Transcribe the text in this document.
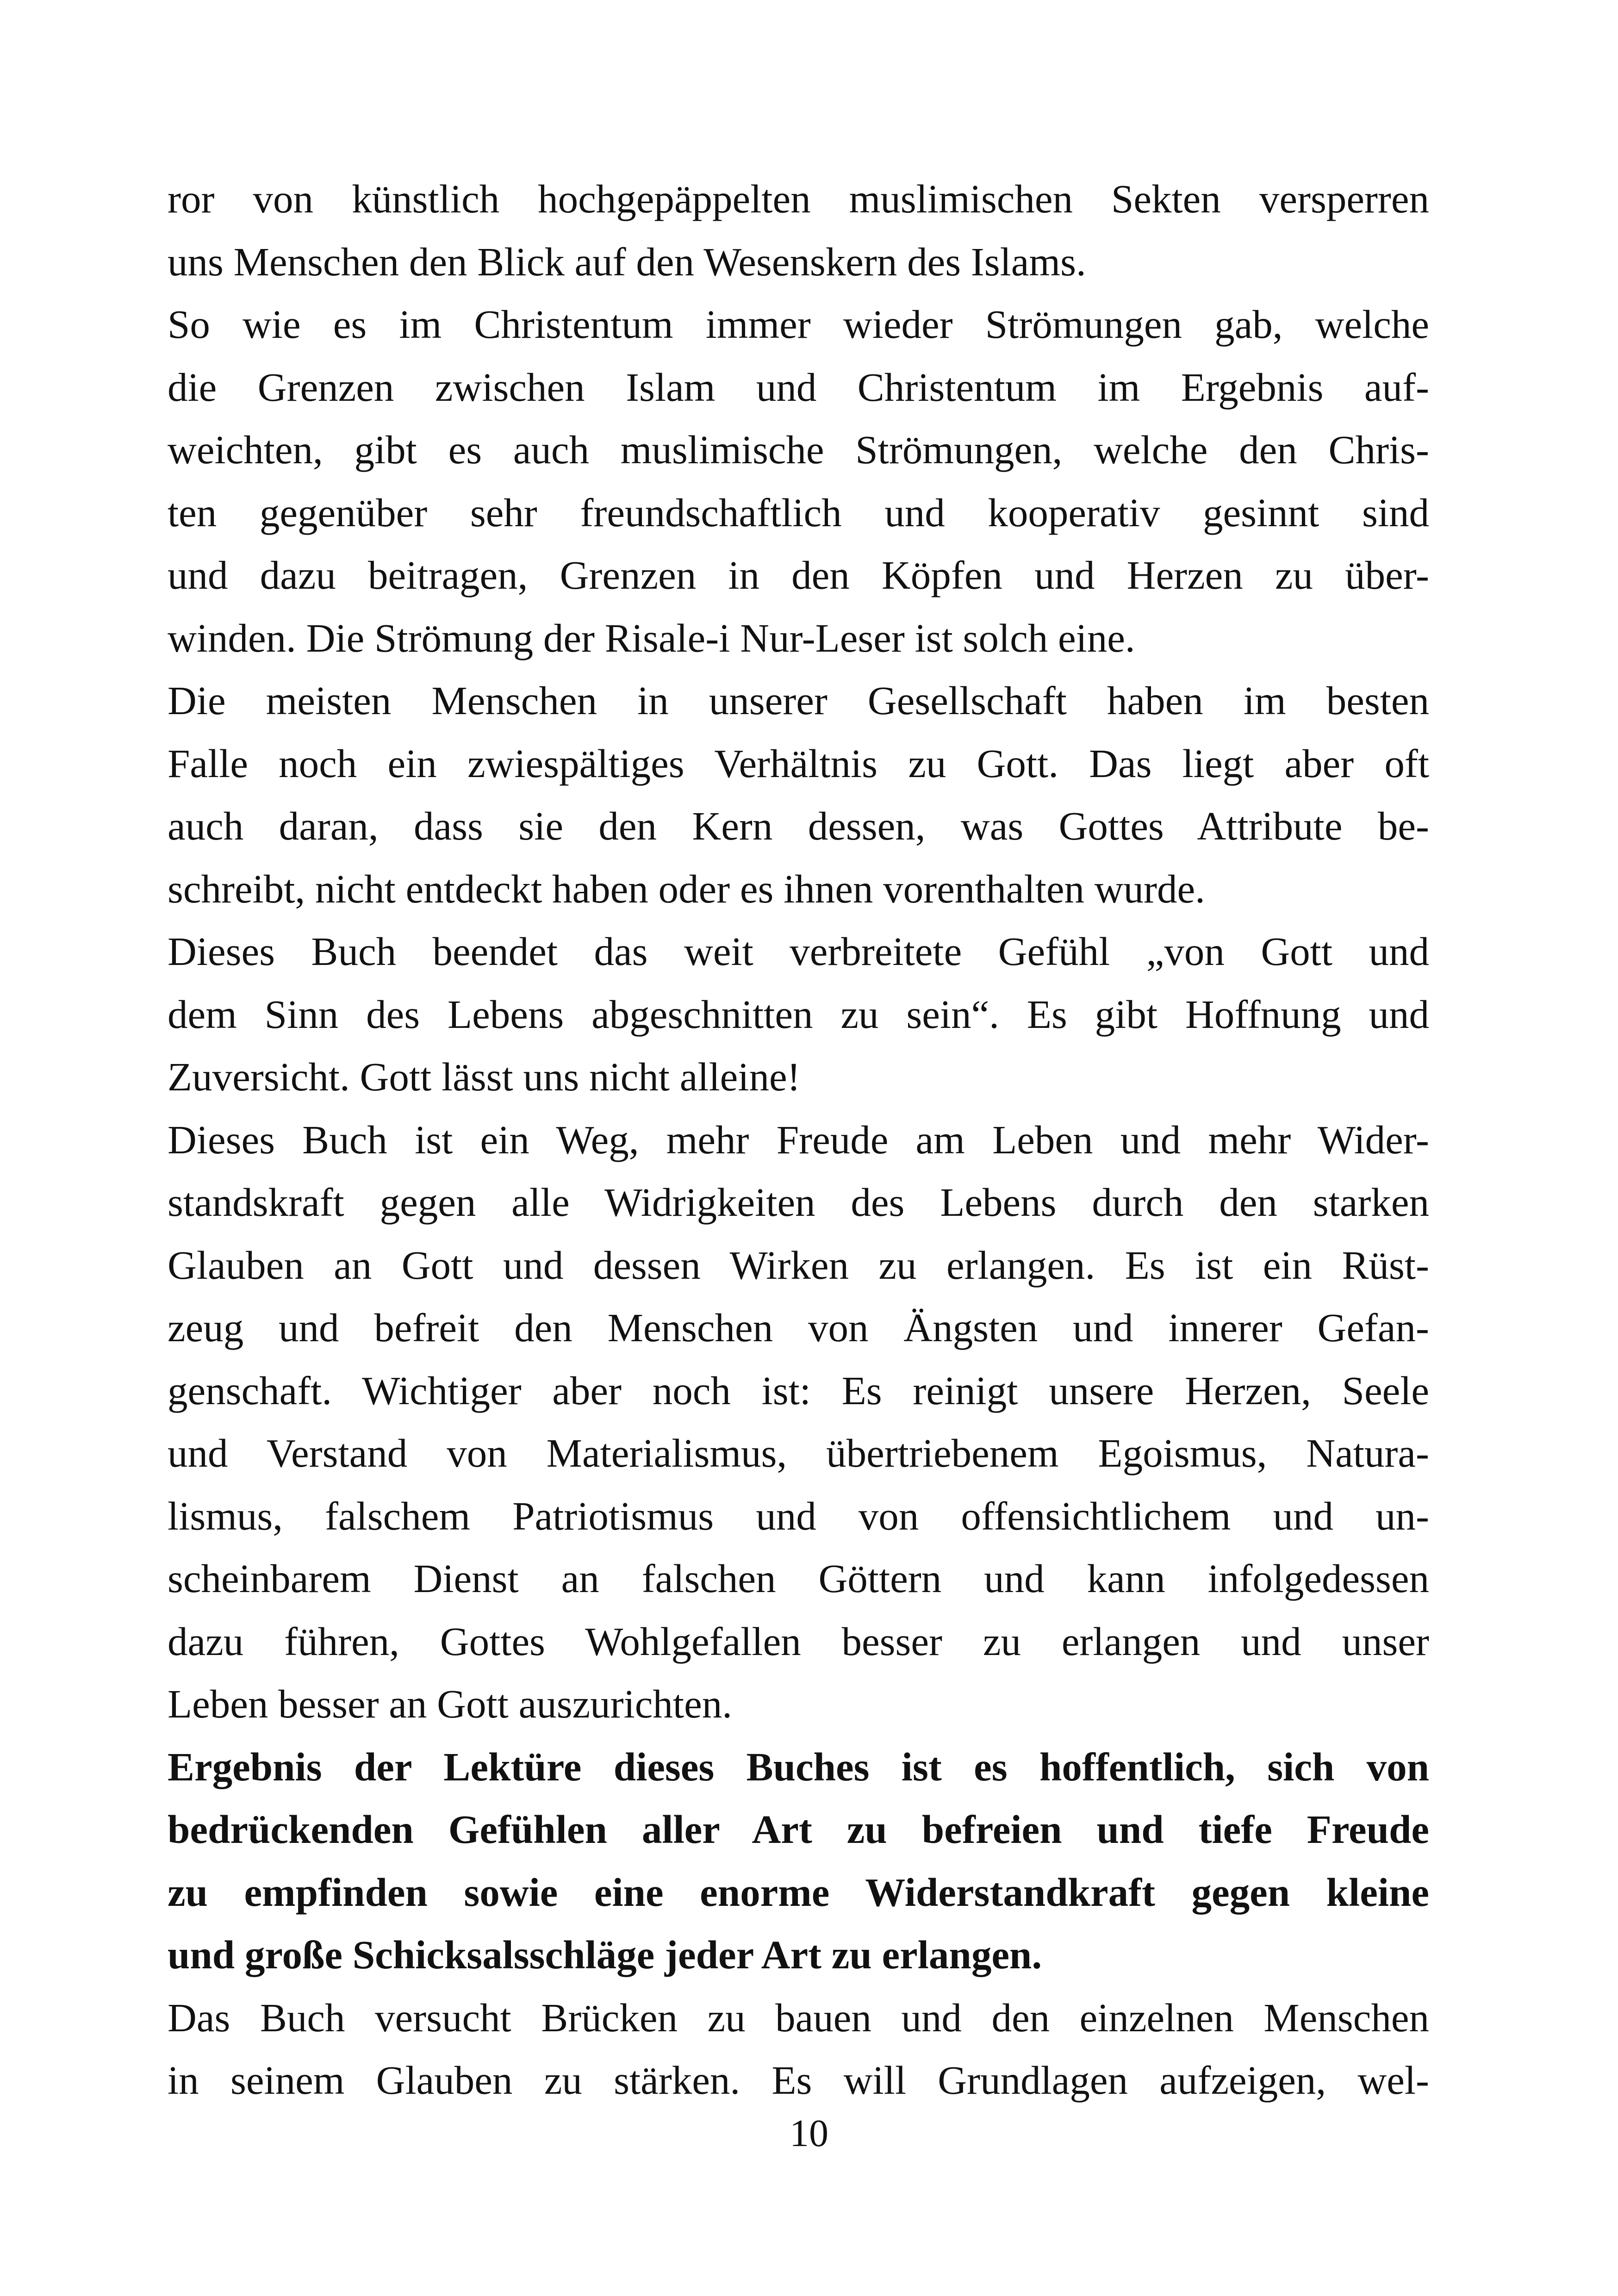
ror von künstlich hochgepäppelten muslimischen Sekten versperren
uns Menschen den Blick auf den Wesenskern des Islams.
So wie es im Christentum immer wieder Strömungen gab, welche
die Grenzen zwischen Islam und Christentum im Ergebnis auf-
weichten, gibt es auch muslimische Strömungen, welche den Chris-
ten gegenüber sehr freundschaftlich und kooperativ gesinnt sind
und dazu beitragen, Grenzen in den Köpfen und Herzen zu über-
winden. Die Strömung der Risale-i Nur-Leser ist solch eine.
Die meisten Menschen in unserer Gesellschaft haben im besten
Falle noch ein zwiespältiges Verhältnis zu Gott. Das liegt aber oft
auch daran, dass sie den Kern dessen, was Gottes Attribute be-
schreibt, nicht entdeckt haben oder es ihnen vorenthalten wurde.
Dieses Buch beendet das weit verbreitete Gefühl „von Gott und
dem Sinn des Lebens abgeschnitten zu sein“. Es gibt Hoffnung und
Zuversicht. Gott lässt uns nicht alleine!
Dieses Buch ist ein Weg, mehr Freude am Leben und mehr Wider-
standskraft gegen alle Widrigkeiten des Lebens durch den starken
Glauben an Gott und dessen Wirken zu erlangen. Es ist ein Rüst-
zeug und befreit den Menschen von Ängsten und innerer Gefan-
genschaft. Wichtiger aber noch ist: Es reinigt unsere Herzen, Seele
und Verstand von Materialismus, übertriebenem Egoismus, Natura-
lismus, falschem Patriotismus und von offensichtlichem und un-
scheinbarem Dienst an falschen Göttern und kann infolgedessen
dazu führen, Gottes Wohlgefallen besser zu erlangen und unser
Leben besser an Gott auszurichten.
Ergebnis der Lektüre dieses Buches ist es hoffentlich, sich von
bedrückenden Gefühlen aller Art zu befreien und tiefe Freude
zu empfinden sowie eine enorme Widerstandkraft gegen kleine
und große Schicksalsschläge jeder Art zu erlangen.
Das Buch versucht Brücken zu bauen und den einzelnen Menschen
in seinem Glauben zu stärken. Es will Grundlagen aufzeigen, wel-
10
